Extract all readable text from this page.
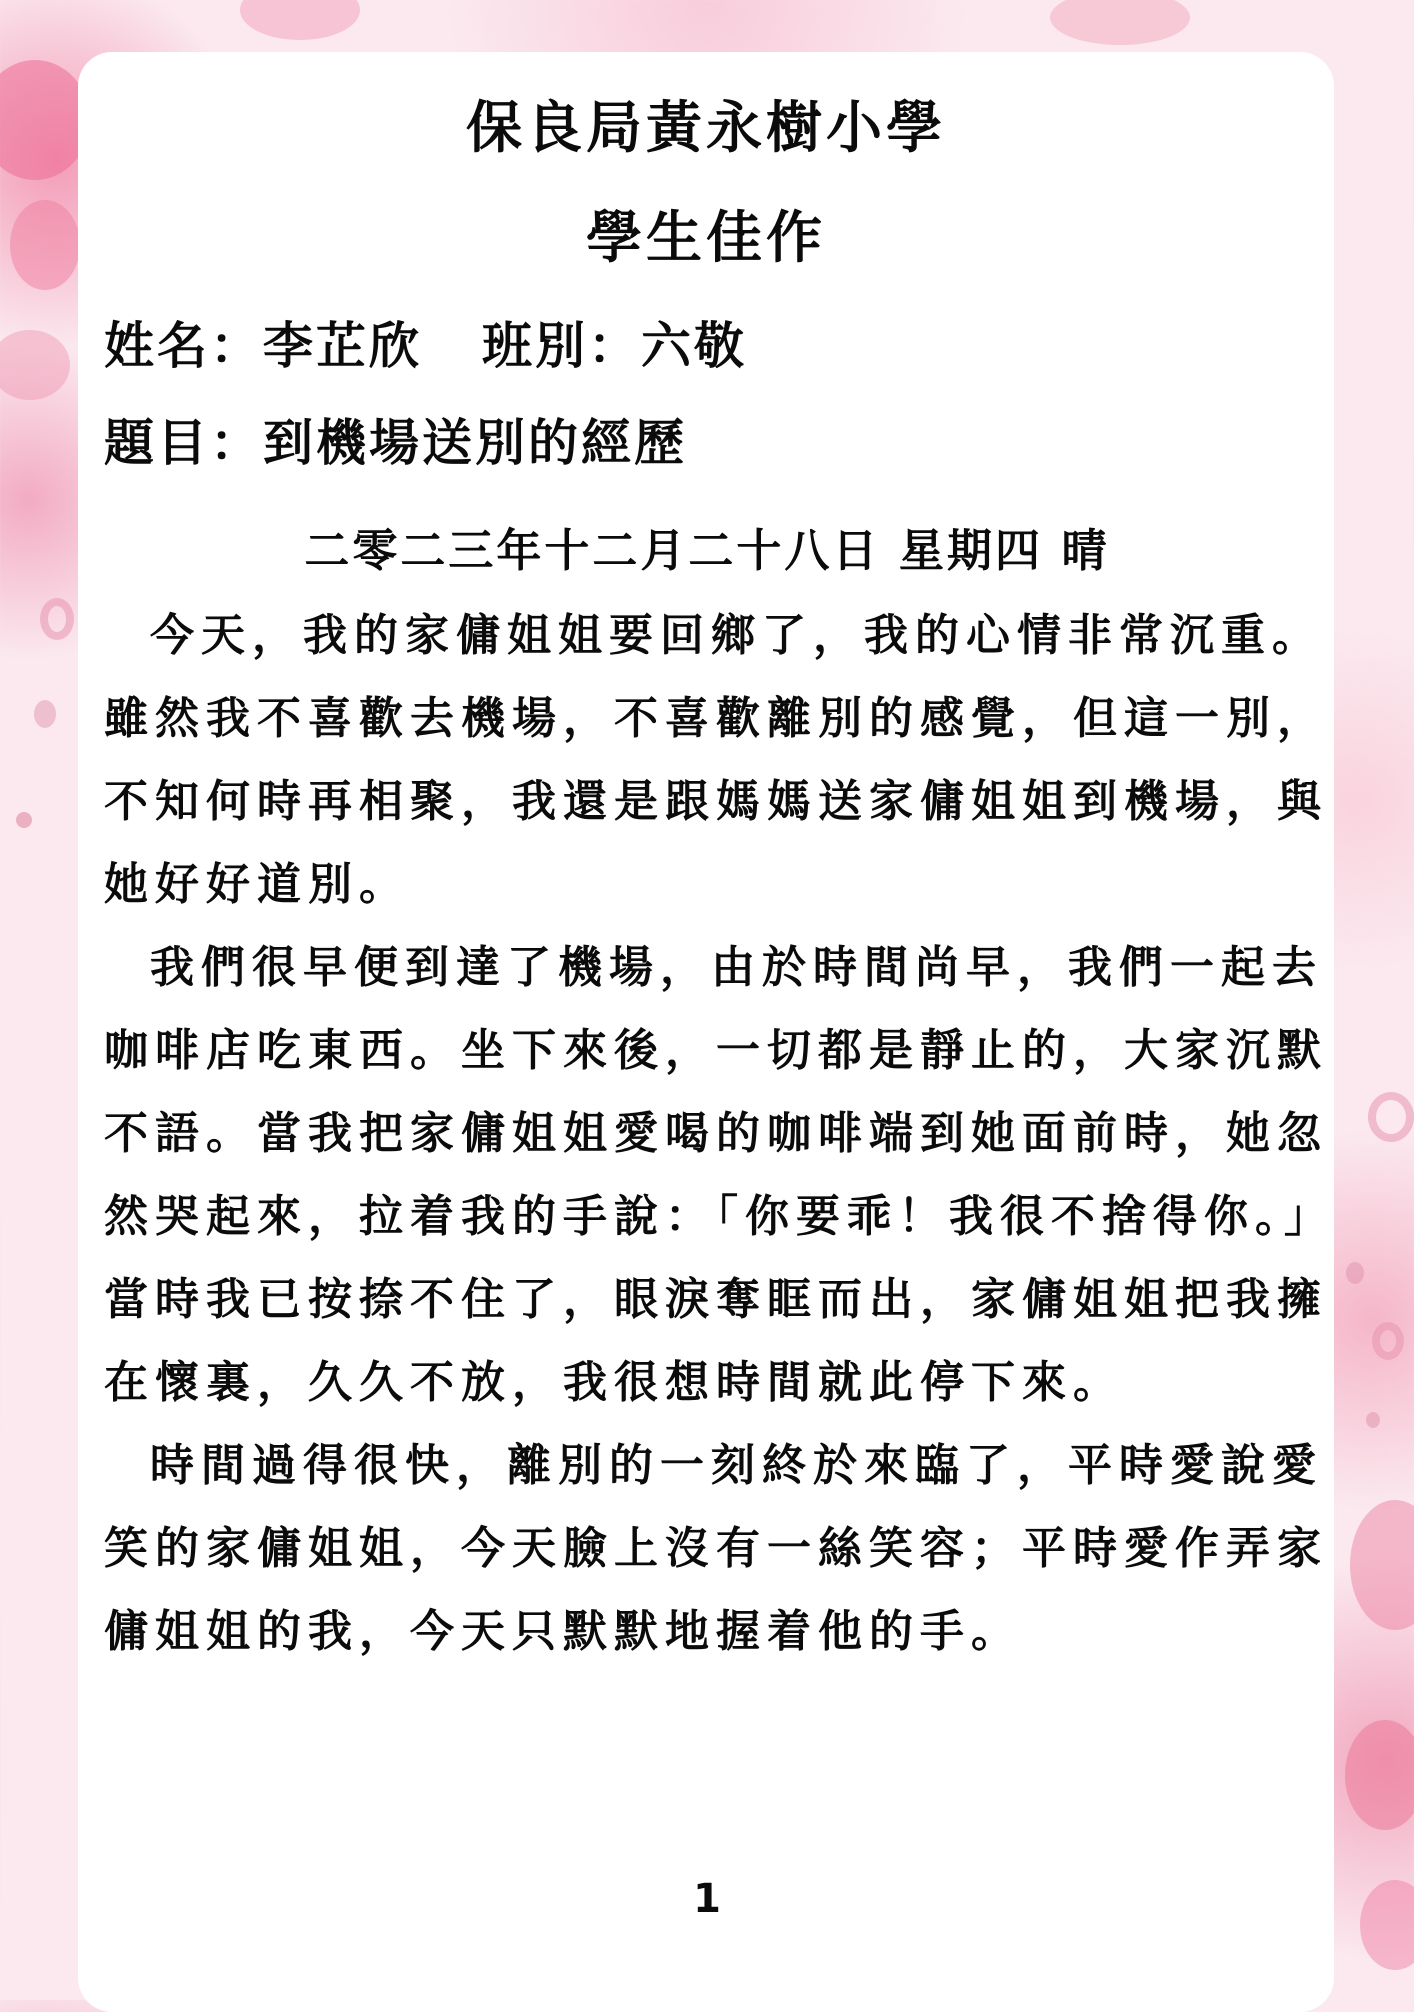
保良局黃永樹小學
學生佳作
姓名：李芷欣 班別：六敬
題目：到機場送別的經歷
二零二三年十二月二十八日 星期四 晴

今天，我的家傭姐姐要回鄉了，我的心情非常沉重。雖然我不喜歡去機場，不喜歡離別的感覺，但這一別，不知何時再相聚，我還是跟媽媽送家傭姐姐到機場，與她好好道別。

我們很早便到達了機場，由於時間尚早，我們一起去咖啡店吃東西。坐下來後，一切都是靜止的，大家沉默不語。當我把家傭姐姐愛喝的咖啡端到她面前時，她忽然哭起來，拉着我的手說：「你要乖！我很不捨得你。」當時我已按捺不住了，眼淚奪眶而出，家傭姐姐把我擁在懷裏，久久不放，我很想時間就此停下來。

時間過得很快，離別的一刻終於來臨了，平時愛說愛笑的家傭姐姐，今天臉上沒有一絲笑容；平時愛作弄家傭姐姐的我，今天只默默地握着他的手。

1
